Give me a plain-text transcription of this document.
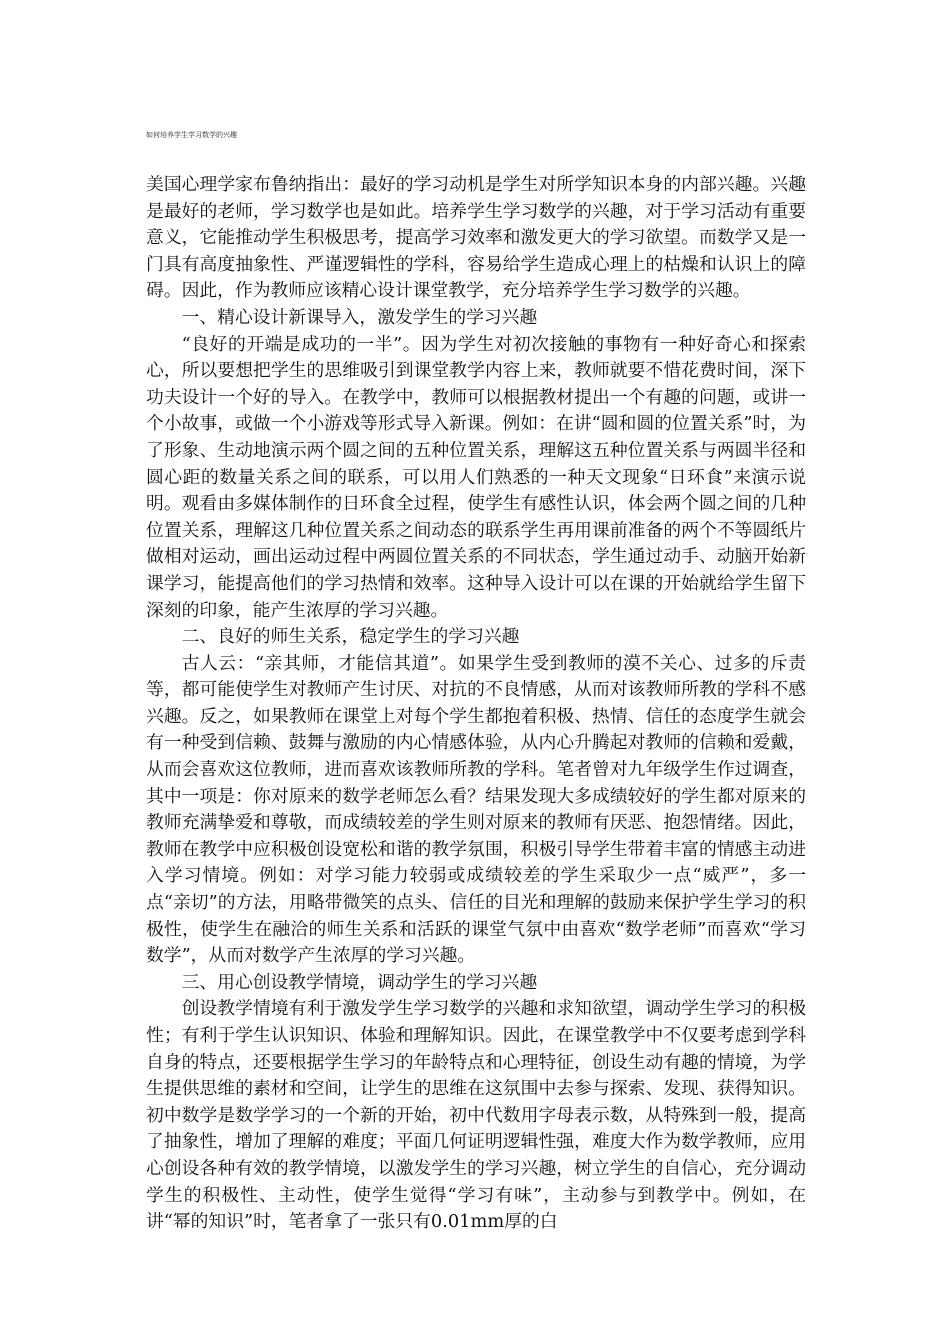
如何培养学生学习数学的兴趣

美国心理学家布鲁纳指出：最好的学习动机是学生对所学知识本身的内部兴趣。兴趣是最好的老师，学习数学也是如此。培养学生学习数学的兴趣，对于学习活动有重要意义，它能推动学生积极思考，提高学习效率和激发更大的学习欲望。而数学又是一门具有高度抽象性、严谨逻辑性的学科，容易给学生造成心理上的枯燥和认识上的障碍。因此，作为教师应该精心设计课堂教学，充分培养学生学习数学的兴趣。

一、精心设计新课导入，激发学生的学习兴趣

“良好的开端是成功的一半”。因为学生对初次接触的事物有一种好奇心和探索心，所以要想把学生的思维吸引到课堂教学内容上来，教师就要不惜花费时间，深下功夫设计一个好的导入。在教学中，教师可以根据教材提出一个有趣的问题，或讲一个小故事，或做一个小游戏等形式导入新课。例如：在讲“圆和圆的位置关系”时，为了形象、生动地演示两个圆之间的五种位置关系，理解这五种位置关系与两圆半径和圆心距的数量关系之间的联系，可以用人们熟悉的一种天文现象“日环食”来演示说明。观看由多媒体制作的日环食全过程，使学生有感性认识，体会两个圆之间的几种位置关系，理解这几种位置关系之间动态的联系学生再用课前准备的两个不等圆纸片做相对运动，画出运动过程中两圆位置关系的不同状态，学生通过动手、动脑开始新课学习，能提高他们的学习热情和效率。这种导入设计可以在课的开始就给学生留下深刻的印象，能产生浓厚的学习兴趣。

二、良好的师生关系，稳定学生的学习兴趣

古人云：“亲其师，才能信其道”。如果学生受到教师的漠不关心、过多的斥责等，都可能使学生对教师产生讨厌、对抗的不良情感，从而对该教师所教的学科不感兴趣。反之，如果教师在课堂上对每个学生都抱着积极、热情、信任的态度学生就会有一种受到信赖、鼓舞与激励的内心情感体验，从内心升腾起对教师的信赖和爱戴，从而会喜欢这位教师，进而喜欢该教师所教的学科。笔者曾对九年级学生作过调查，其中一项是：你对原来的数学老师怎么看？结果发现大多成绩较好的学生都对原来的教师充满挚爱和尊敬，而成绩较差的学生则对原来的教师有厌恶、抱怨情绪。因此，教师在教学中应积极创设宽松和谐的教学氛围，积极引导学生带着丰富的情感主动进入学习情境。例如：对学习能力较弱或成绩较差的学生采取少一点“威严”，多一点“亲切”的方法，用略带微笑的点头、信任的目光和理解的鼓励来保护学生学习的积极性，使学生在融洽的师生关系和活跃的课堂气氛中由喜欢“数学老师”而喜欢“学习数学”，从而对数学产生浓厚的学习兴趣。

三、用心创设教学情境，调动学生的学习兴趣

创设教学情境有利于激发学生学习数学的兴趣和求知欲望，调动学生学习的积极性；有利于学生认识知识、体验和理解知识。因此，在课堂教学中不仅要考虑到学科自身的特点，还要根据学生学习的年龄特点和心理特征，创设生动有趣的情境，为学生提供思维的素材和空间，让学生的思维在这氛围中去参与探索、发现、获得知识。初中数学是数学学习的一个新的开始，初中代数用字母表示数，从特殊到一般，提高了抽象性，增加了理解的难度；平面几何证明逻辑性强，难度大作为数学教师，应用心创设各种有效的教学情境，以激发学生的学习兴趣，树立学生的自信心，充分调动学生的积极性、主动性，使学生觉得“学习有味”，主动参与到教学中。例如，在讲“幂的知识”时，笔者拿了一张只有0.01mm厚的白
